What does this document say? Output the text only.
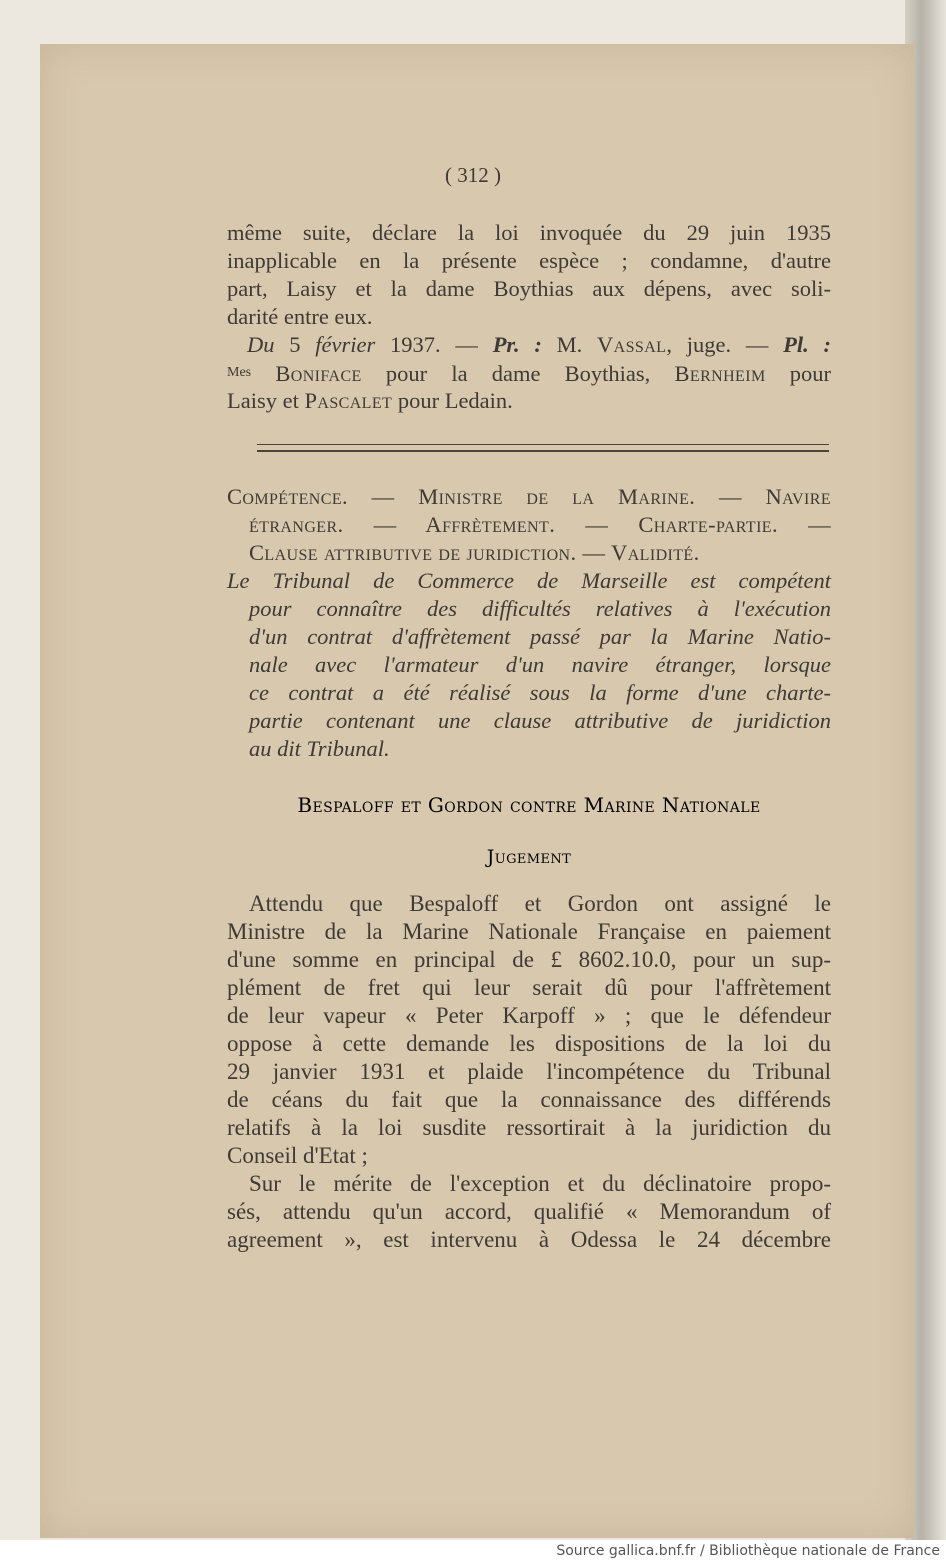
( 312 )
même suite, déclare la loi invoquée du 29 juin 1935
inapplicable en la présente espèce ; condamne, d'autre
part, Laisy et la dame Boythias aux dépens, avec soli-
darité entre eux.
Du 5 février 1937. — Pr. : M. Vassal, juge. — Pl. :
$^{Mes}$ Boniface pour la dame Boythias, Bernheim pour
Laisy et Pascalet pour Ledain.
Compétence. — Ministre de la Marine. — Navire
étranger. — Affrètement. — Charte-partie. —
Clause attributive de juridiction. — Validité.
Le Tribunal de Commerce de Marseille est compétent
pour connaître des difficultés relatives à l'exécution
d'un contrat d'affrètement passé par la Marine Natio-
nale avec l'armateur d'un navire étranger, lorsque
ce contrat a été réalisé sous la forme d'une charte-
partie contenant une clause attributive de juridiction
au dit Tribunal.
Bespaloff et Gordon contre Marine Nationale
Jugement
Attendu que Bespaloff et Gordon ont assigné le
Ministre de la Marine Nationale Française en paiement
d'une somme en principal de £ 8602.10.0, pour un sup-
plément de fret qui leur serait dû pour l'affrètement
de leur vapeur « Peter Karpoff » ; que le défendeur
oppose à cette demande les dispositions de la loi du
29 janvier 1931 et plaide l'incompétence du Tribunal
de céans du fait que la connaissance des différends
relatifs à la loi susdite ressortirait à la juridiction du
Conseil d'Etat ;
Sur le mérite de l'exception et du déclinatoire propo-
sés, attendu qu'un accord, qualifié « Memorandum of
agreement », est intervenu à Odessa le 24 décembre
Source gallica.bnf.fr / Bibliothèque nationale de France
